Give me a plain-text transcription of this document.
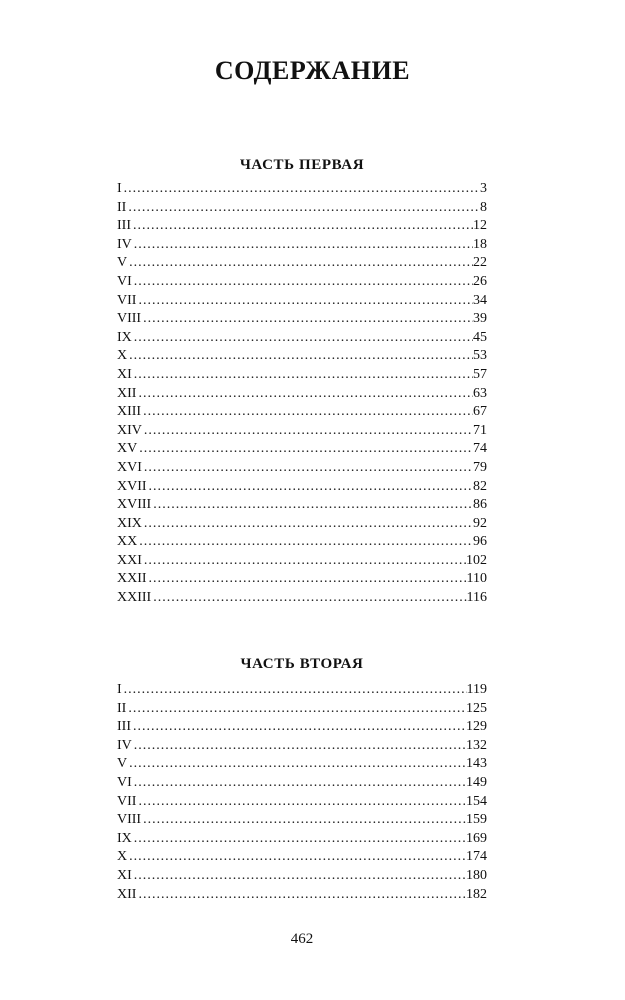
СОДЕРЖАНИЕ
ЧАСТЬ ПЕРВАЯ
I .....	3
II .....	8
III .....	12
IV .....	18
V .....	22
VI .....	26
VII .....	34
VIII .....	39
IX .....	45
X .....	53
XI .....	57
XII .....	63
XIII .....	67
XIV .....	71
XV .....	74
XVI .....	79
XVII .....	82
XVIII .....	86
XIX .....	92
XX .....	96
XXI .....	102
XXII .....	110
XXIII .....	116
ЧАСТЬ ВТОРАЯ
I .....	119
II .....	125
III .....	129
IV .....	132
V .....	143
VI .....	149
VII .....	154
VIII .....	159
IX .....	169
X .....	174
XI .....	180
XII .....	182
462
